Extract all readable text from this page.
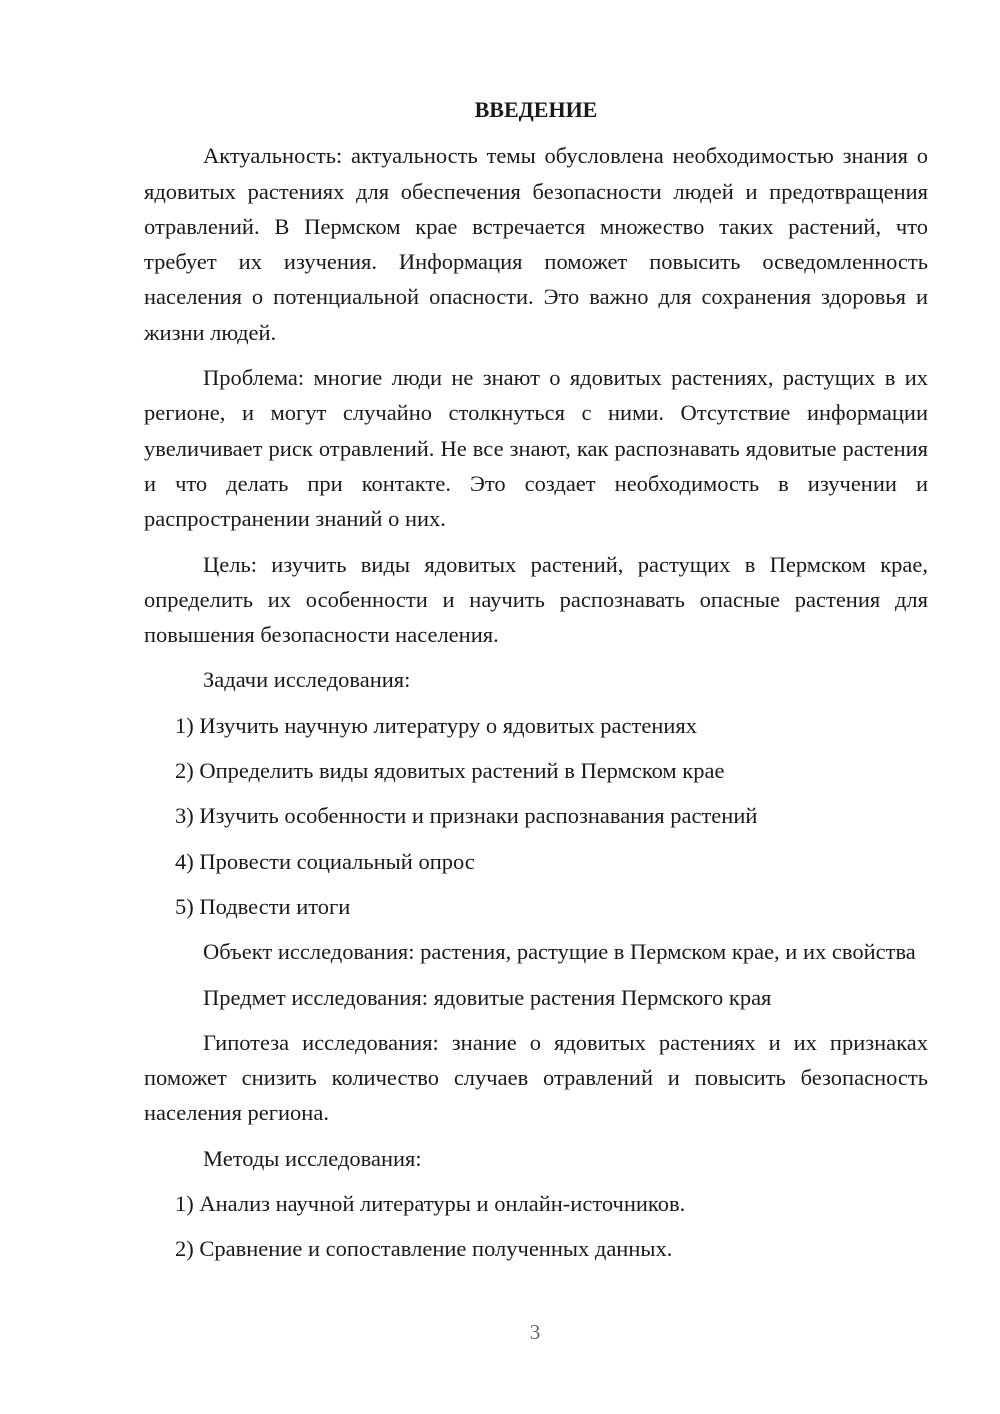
ВВЕДЕНИЕ

Актуальность: актуальность темы обусловлена необходимостью знания о ядовитых растениях для обеспечения безопасности людей и предотвращения отравлений. В Пермском крае встречается множество таких растений, что требует их изучения. Информация поможет повысить осведомленность населения о потенциальной опасности. Это важно для сохранения здоровья и жизни людей.

Проблема: многие люди не знают о ядовитых растениях, растущих в их регионе, и могут случайно столкнуться с ними. Отсутствие информации увеличивает риск отравлений. Не все знают, как распознавать ядовитые растения и что делать при контакте. Это создает необходимость в изучении и распространении знаний о них.

Цель: изучить виды ядовитых растений, растущих в Пермском крае, определить их особенности и научить распознавать опасные растения для повышения безопасности населения.

Задачи исследования:

1) Изучить научную литературу о ядовитых растениях
2) Определить виды ядовитых растений в Пермском крае
3) Изучить особенности и признаки распознавания растений
4) Провести социальный опрос
5) Подвести итоги

Объект исследования: растения, растущие в Пермском крае, и их свойства

Предмет исследования: ядовитые растения Пермского края

Гипотеза исследования: знание о ядовитых растениях и их признаках поможет снизить количество случаев отравлений и повысить безопасность населения региона.

Методы исследования:

1) Анализ научной литературы и онлайн-источников.
2) Сравнение и сопоставление полученных данных.
3
